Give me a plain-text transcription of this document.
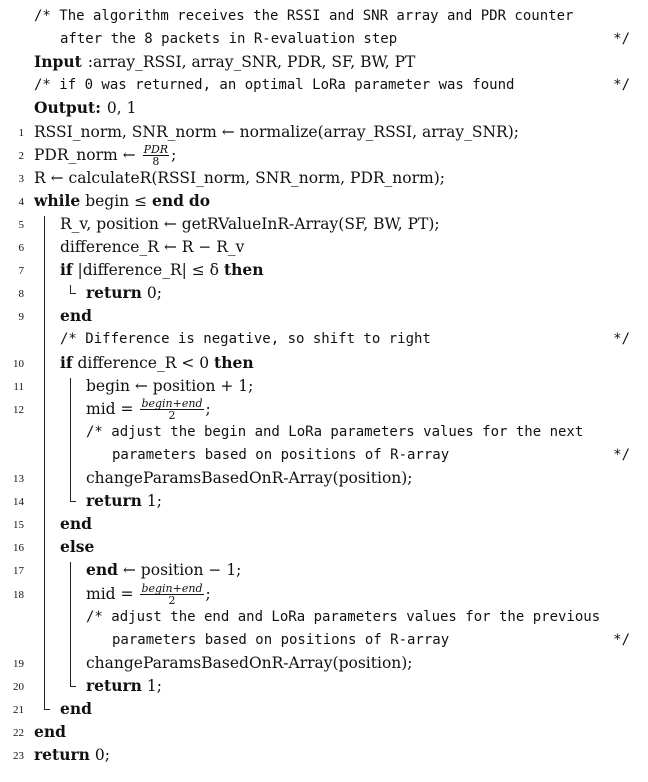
/* The algorithm receives the RSSI and SNR array and PDR counter
after the 8 packets in R-evaluation step	*/
Input :array_RSSI, array_SNR, PDR, SF, BW, PT
/* if 0 was returned, an optimal LoRa parameter was found	*/
Output: 0, 1
1 RSSI_norm, SNR_norm ← normalize(array_RSSI, array_SNR);
2 PDR_norm ← $\frac{\text{PDR}}{8}$ ;
3 R ← calculateR(RSSI_norm, SNR_norm, PDR_norm);
4 while begin ≤ end do
5 R_v, position ← getRValueInR-Array(SF, BW, PT);
6 difference_R ← R − R_v
7 if |difference_R| ≤ δ then
8	return 0;
9 end
/* Difference is negative, so shift to right	*/
10 if difference_R < 0 then
11	begin ← position + 1;
12	mid = $\frac{\text{begin+end}}{2}$ ;
/* adjust the begin and LoRa parameters values for the next
parameters based on positions of R-array	*/
13	changeParamsBasedOnR-Array(position);
14	return 1;
15 end
16 else
17	end ← position − 1;
18	mid = $\frac{\text{begin+end}}{2}$ ;
/* adjust the end and LoRa parameters values for the previous
parameters based on positions of R-array	*/
19	changeParamsBasedOnR-Array(position);
20	return 1;
21 end
22 end
23 return 0;
